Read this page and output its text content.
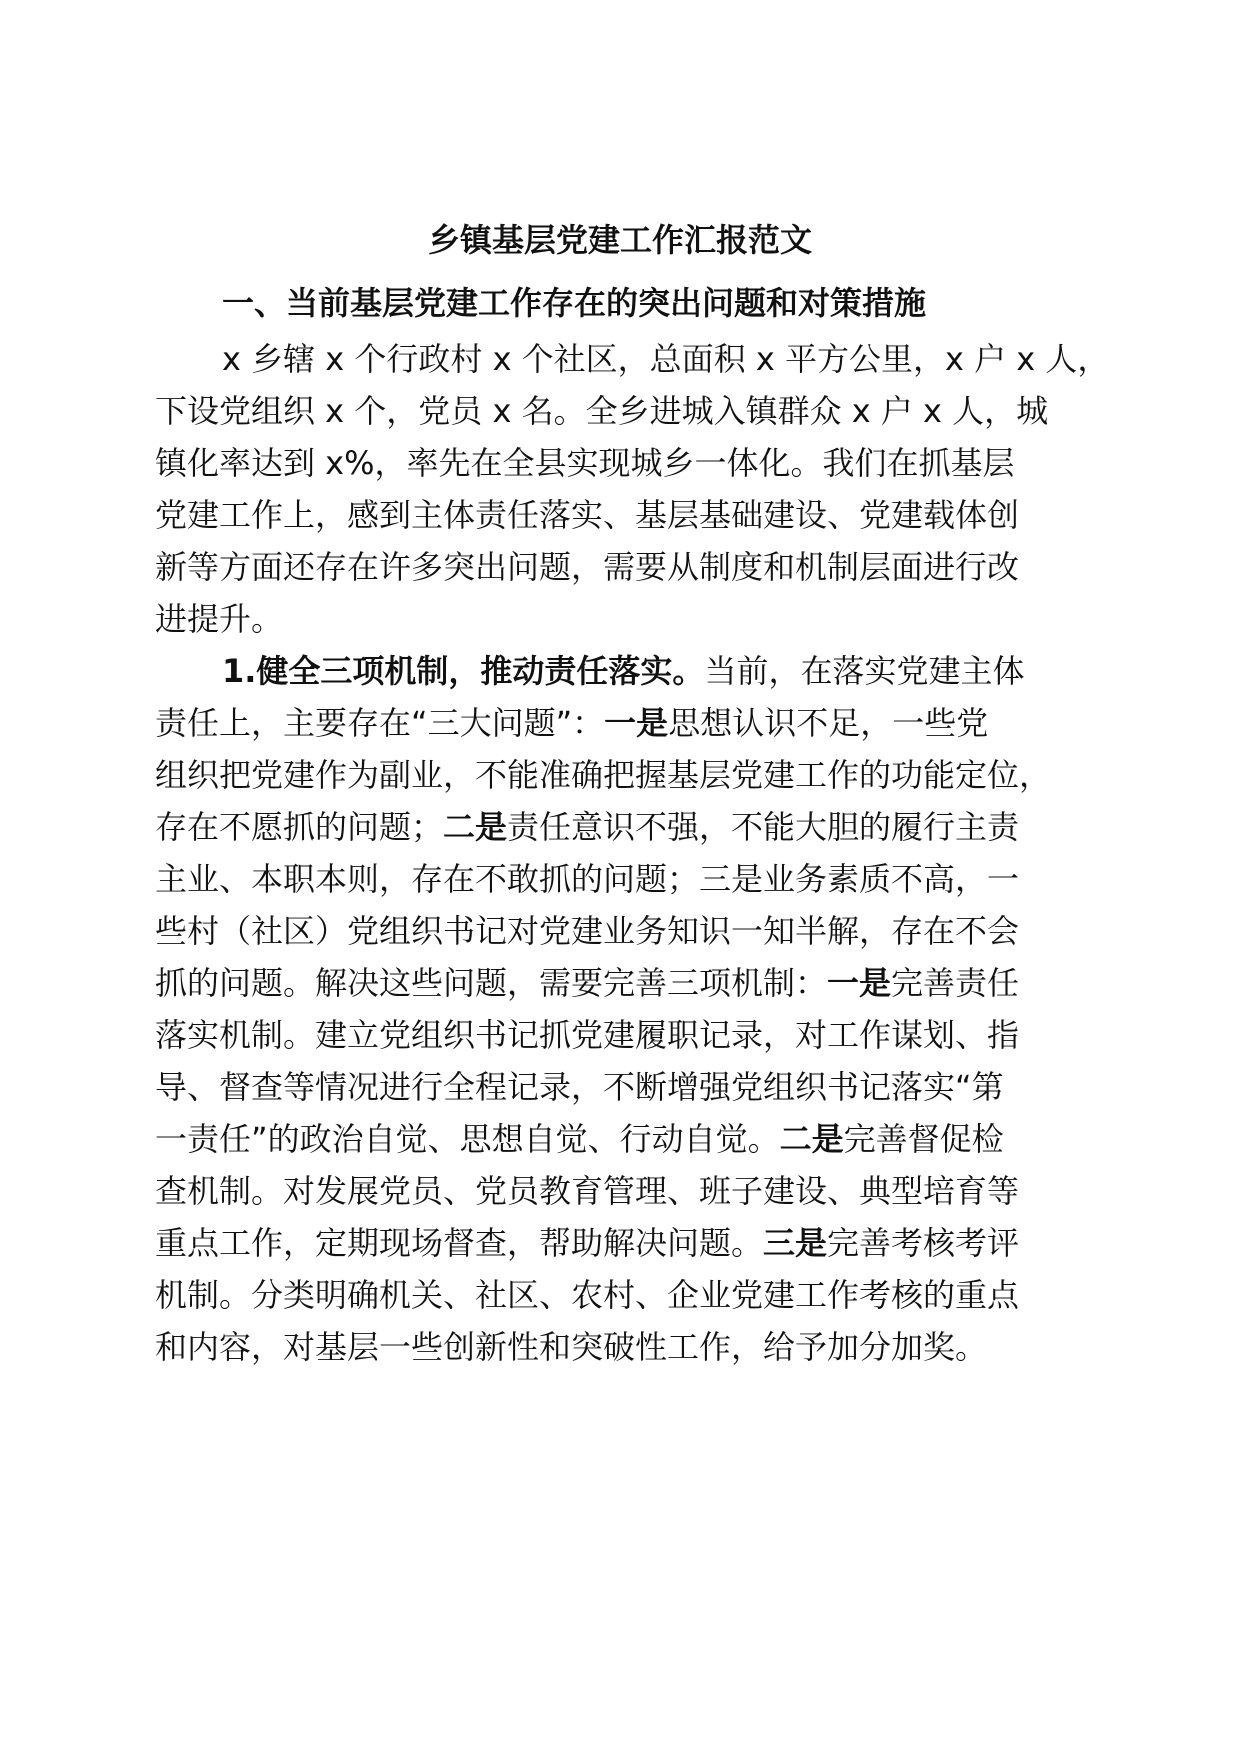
乡镇基层党建工作汇报范文
一、当前基层党建工作存在的突出问题和对策措施
x 乡辖 x 个行政村 x 个社区，总面积 x 平方公里，x 户 x 人，
下设党组织 x 个，党员 x 名。全乡进城入镇群众 x 户 x 人，城
镇化率达到 x%，率先在全县实现城乡一体化。我们在抓基层
党建工作上，感到主体责任落实、基层基础建设、党建载体创
新等方面还存在许多突出问题，需要从制度和机制层面进行改
进提升。
1.健全三项机制，推动责任落实。当前，在落实党建主体
责任上，主要存在“三大问题”：一是思想认识不足，一些党
组织把党建作为副业，不能准确把握基层党建工作的功能定位，
存在不愿抓的问题；二是责任意识不强，不能大胆的履行主责
主业、本职本则，存在不敢抓的问题；三是业务素质不高，一
些村（社区）党组织书记对党建业务知识一知半解，存在不会
抓的问题。解决这些问题，需要完善三项机制：一是完善责任
落实机制。建立党组织书记抓党建履职记录，对工作谋划、指
导、督查等情况进行全程记录，不断增强党组织书记落实“第
一责任”的政治自觉、思想自觉、行动自觉。二是完善督促检
查机制。对发展党员、党员教育管理、班子建设、典型培育等
重点工作，定期现场督查，帮助解决问题。三是完善考核考评
机制。分类明确机关、社区、农村、企业党建工作考核的重点
和内容，对基层一些创新性和突破性工作，给予加分加奖。
